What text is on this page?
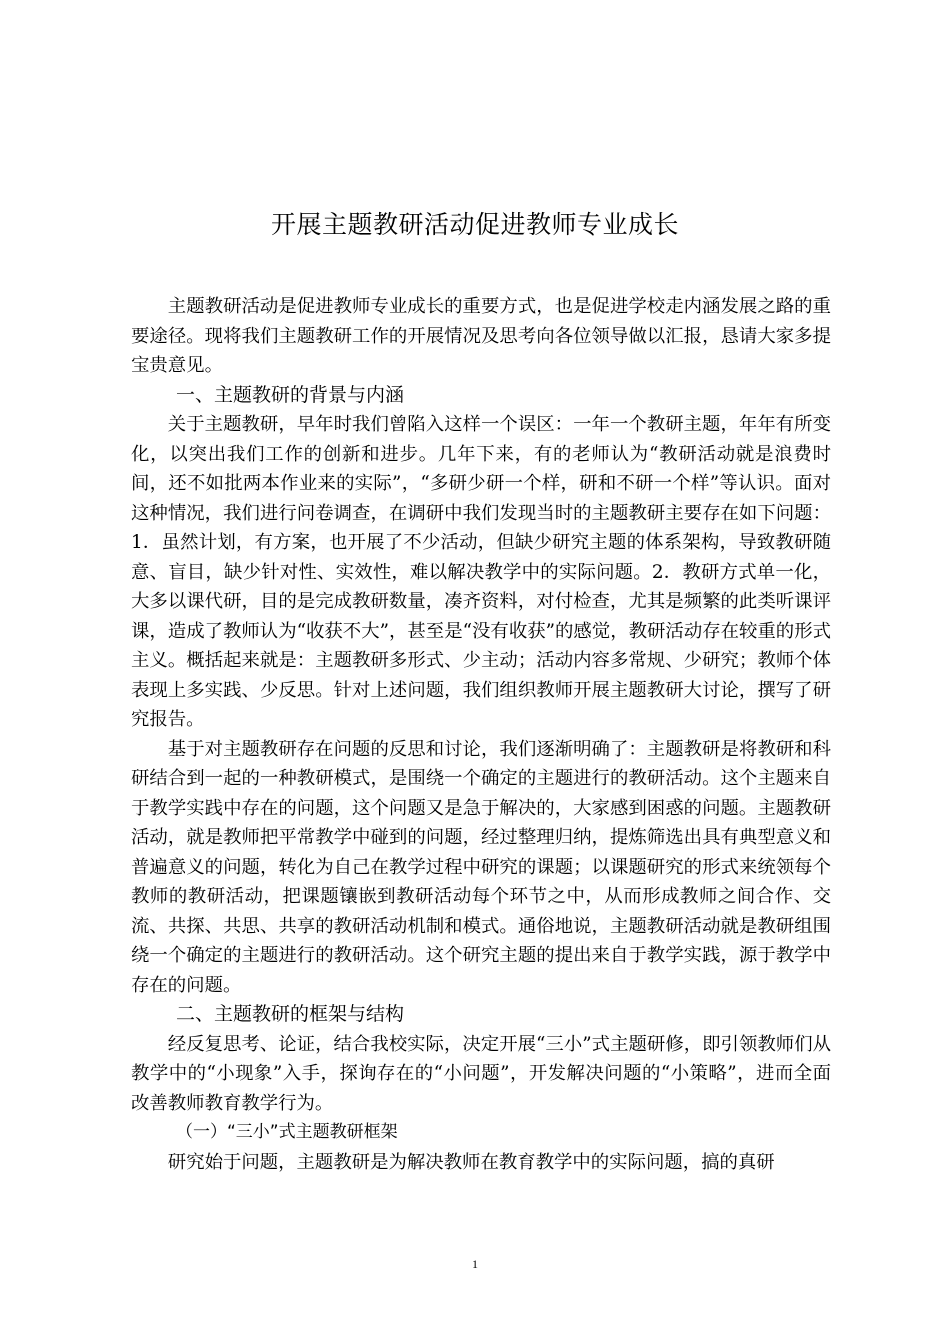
开展主题教研活动促进教师专业成长

主题教研活动是促进教师专业成长的重要方式，也是促进学校走内涵发展之路的重要途径。现将我们主题教研工作的开展情况及思考向各位领导做以汇报，恳请大家多提宝贵意见。

一、主题教研的背景与内涵

关于主题教研，早年时我们曾陷入这样一个误区：一年一个教研主题，年年有所变化，以突出我们工作的创新和进步。几年下来，有的老师认为“教研活动就是浪费时间，还不如批两本作业来的实际”，“多研少研一个样，研和不研一个样”等认识。面对这种情况，我们进行问卷调查，在调研中我们发现当时的主题教研主要存在如下问题：1．虽然计划，有方案，也开展了不少活动，但缺少研究主题的体系架构，导致教研随意、盲目，缺少针对性、实效性，难以解决教学中的实际问题。2．教研方式单一化，大多以课代研，目的是完成教研数量，凑齐资料，对付检查，尤其是频繁的此类听课评课，造成了教师认为“收获不大”，甚至是“没有收获”的感觉，教研活动存在较重的形式主义。概括起来就是：主题教研多形式、少主动；活动内容多常规、少研究；教师个体表现上多实践、少反思。针对上述问题，我们组织教师开展主题教研大讨论，撰写了研究报告。

基于对主题教研存在问题的反思和讨论，我们逐渐明确了：主题教研是将教研和科研结合到一起的一种教研模式，是围绕一个确定的主题进行的教研活动。这个主题来自于教学实践中存在的问题，这个问题又是急于解决的，大家感到困惑的问题。主题教研活动，就是教师把平常教学中碰到的问题，经过整理归纳，提炼筛选出具有典型意义和普遍意义的问题，转化为自己在教学过程中研究的课题；以课题研究的形式来统领每个教师的教研活动，把课题镶嵌到教研活动每个环节之中，从而形成教师之间合作、交流、共探、共思、共享的教研活动机制和模式。通俗地说，主题教研活动就是教研组围绕一个确定的主题进行的教研活动。这个研究主题的提出来自于教学实践，源于教学中存在的问题。

二、主题教研的框架与结构

经反复思考、论证，结合我校实际，决定开展“三小”式主题研修，即引领教师们从教学中的“小现象”入手，探询存在的“小问题”，开发解决问题的“小策略”，进而全面改善教师教育教学行为。

（一）“三小”式主题教研框架

研究始于问题，主题教研是为解决教师在教育教学中的实际问题，搞的真研

1
